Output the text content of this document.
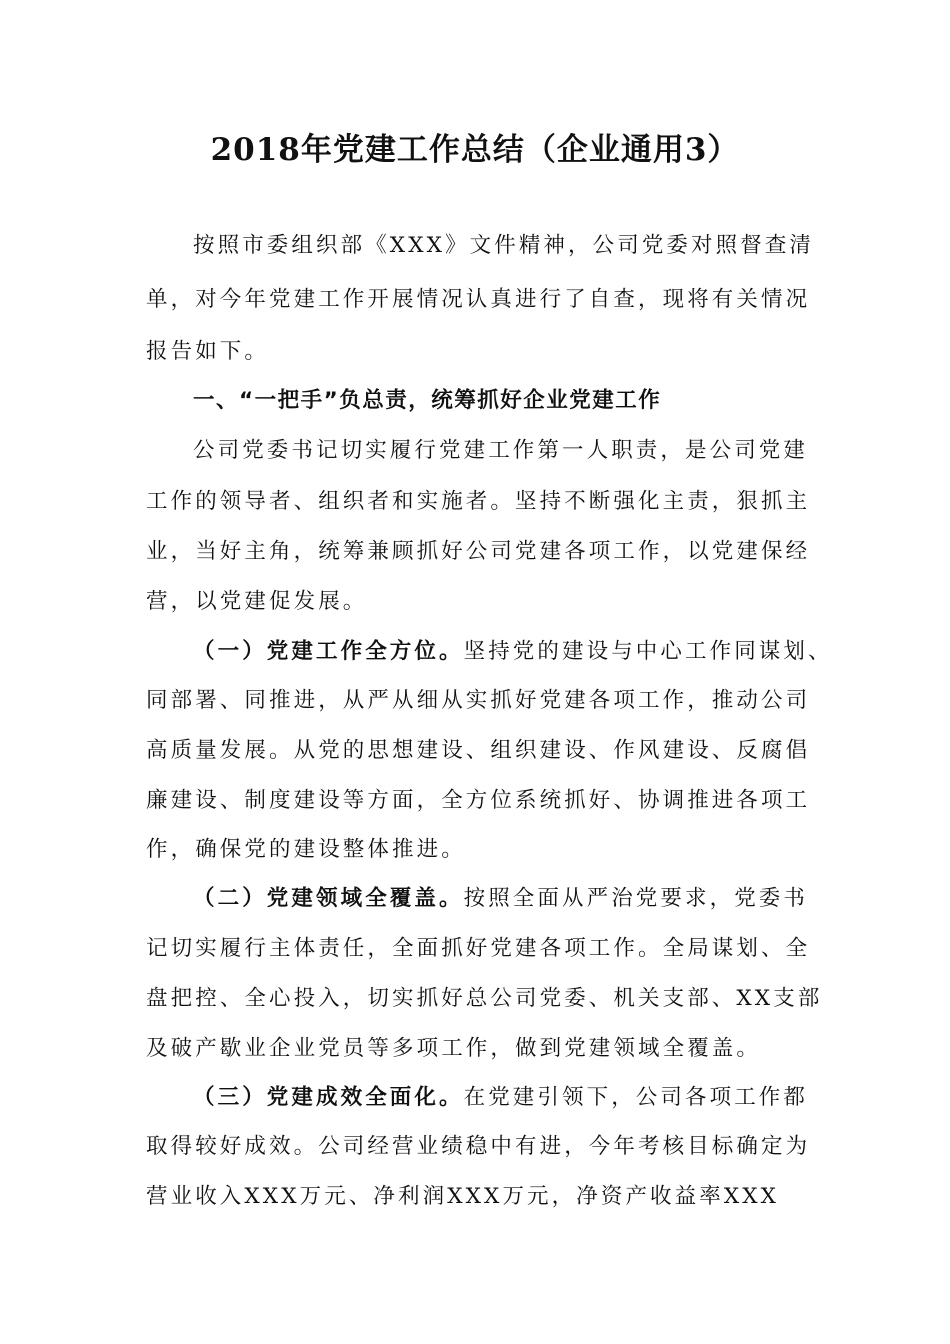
2018年党建工作总结（企业通用3）
按照市委组织部《XXX》文件精神，公司党委对照督查清
单，对今年党建工作开展情况认真进行了自查，现将有关情况
报告如下。
一、“一把手”负总责，统筹抓好企业党建工作
公司党委书记切实履行党建工作第一人职责，是公司党建
工作的领导者、组织者和实施者。坚持不断强化主责，狠抓主
业，当好主角，统筹兼顾抓好公司党建各项工作，以党建保经
营，以党建促发展。
（一）党建工作全方位。坚持党的建设与中心工作同谋划、
同部署、同推进，从严从细从实抓好党建各项工作，推动公司
高质量发展。从党的思想建设、组织建设、作风建设、反腐倡
廉建设、制度建设等方面，全方位系统抓好、协调推进各项工
作，确保党的建设整体推进。
（二）党建领域全覆盖。按照全面从严治党要求，党委书
记切实履行主体责任，全面抓好党建各项工作。全局谋划、全
盘把控、全心投入，切实抓好总公司党委、机关支部、XX支部
及破产歇业企业党员等多项工作，做到党建领域全覆盖。
（三）党建成效全面化。在党建引领下，公司各项工作都
取得较好成效。公司经营业绩稳中有进，今年考核目标确定为
营业收入XXX万元、净利润XXX万元，净资产收益率XXX
